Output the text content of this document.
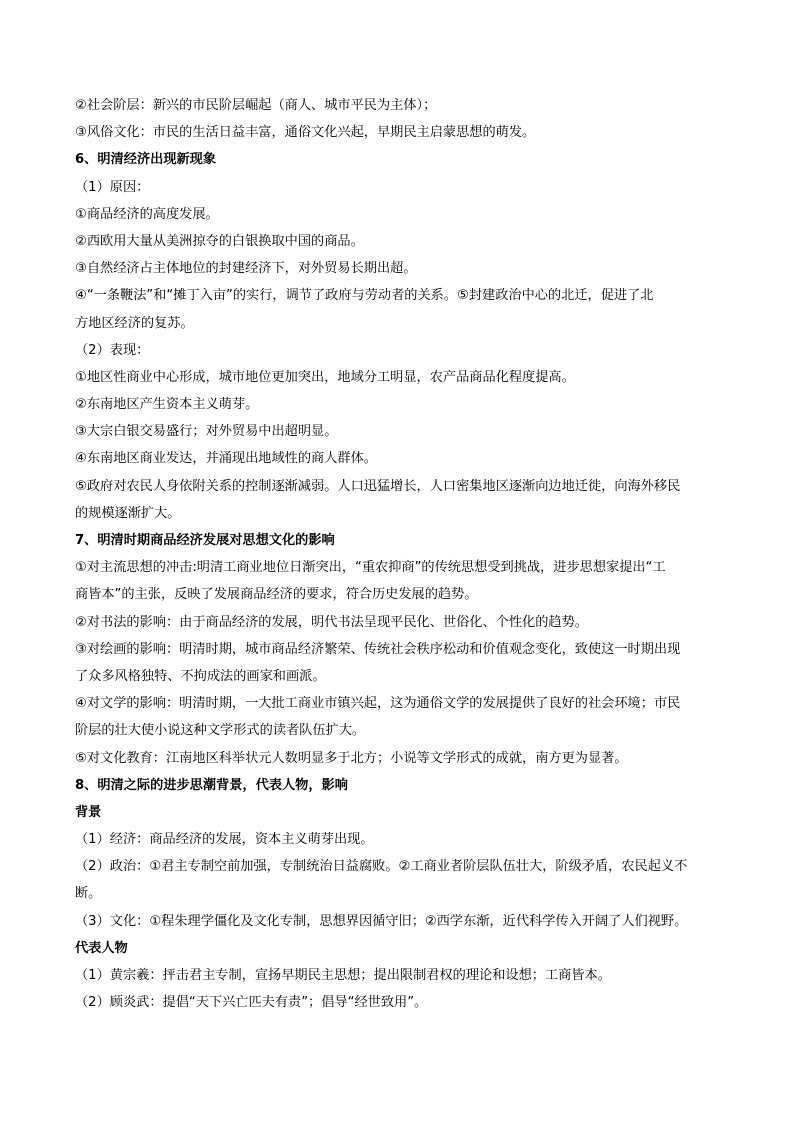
②社会阶层：新兴的市民阶层崛起（商人、城市平民为主体）；
③风俗文化：市民的生活日益丰富，通俗文化兴起，早期民主启蒙思想的萌发。
6、明清经济出现新现象
（1）原因：
①商品经济的高度发展。
②西欧用大量从美洲掠夺的白银换取中国的商品。
③自然经济占主体地位的封建经济下，对外贸易长期出超。
④“一条鞭法”和“摊丁入亩”的实行，调节了政府与劳动者的关系。⑤封建政治中心的北迁，促进了北
方地区经济的复苏。
（2）表现：
①地区性商业中心形成，城市地位更加突出，地域分工明显，农产品商品化程度提高。
②东南地区产生资本主义萌芽。
③大宗白银交易盛行；对外贸易中出超明显。
④东南地区商业发达，并涌现出地域性的商人群体。
⑤政府对农民人身依附关系的控制逐渐减弱。人口迅猛增长，人口密集地区逐渐向边地迁徙，向海外移民
的规模逐渐扩大。
7、明清时期商品经济发展对思想文化的影响
①对主流思想的冲击:明清工商业地位日渐突出，“重农抑商”的传统思想受到挑战，进步思想家提出“工
商皆本”的主张，反映了发展商品经济的要求，符合历史发展的趋势。
②对书法的影响：由于商品经济的发展，明代书法呈现平民化、世俗化、个性化的趋势。
③对绘画的影响：明清时期，城市商品经济繁荣、传统社会秩序松动和价值观念变化，致使这一时期出现
了众多风格独特、不拘成法的画家和画派。
④对文学的影响：明清时期，一大批工商业市镇兴起，这为通俗文学的发展提供了良好的社会环境；市民
阶层的壮大使小说这种文学形式的读者队伍扩大。
⑤对文化教育：江南地区科举状元人数明显多于北方；小说等文学形式的成就，南方更为显著。
8、明清之际的进步思潮背景，代表人物，影响
背景
（1）经济：商品经济的发展，资本主义萌芽出现。
（2）政治：①君主专制空前加强，专制统治日益腐败。②工商业者阶层队伍壮大，阶级矛盾，农民起义不
断。
（3）文化：①程朱理学僵化及文化专制，思想界因循守旧；②西学东渐，近代科学传入开阔了人们视野。
代表人物
（1）黄宗羲：抨击君主专制，宣扬早期民主思想；提出限制君权的理论和设想；工商皆本。
（2）顾炎武：提倡“天下兴亡匹夫有责”；倡导“经世致用”。
